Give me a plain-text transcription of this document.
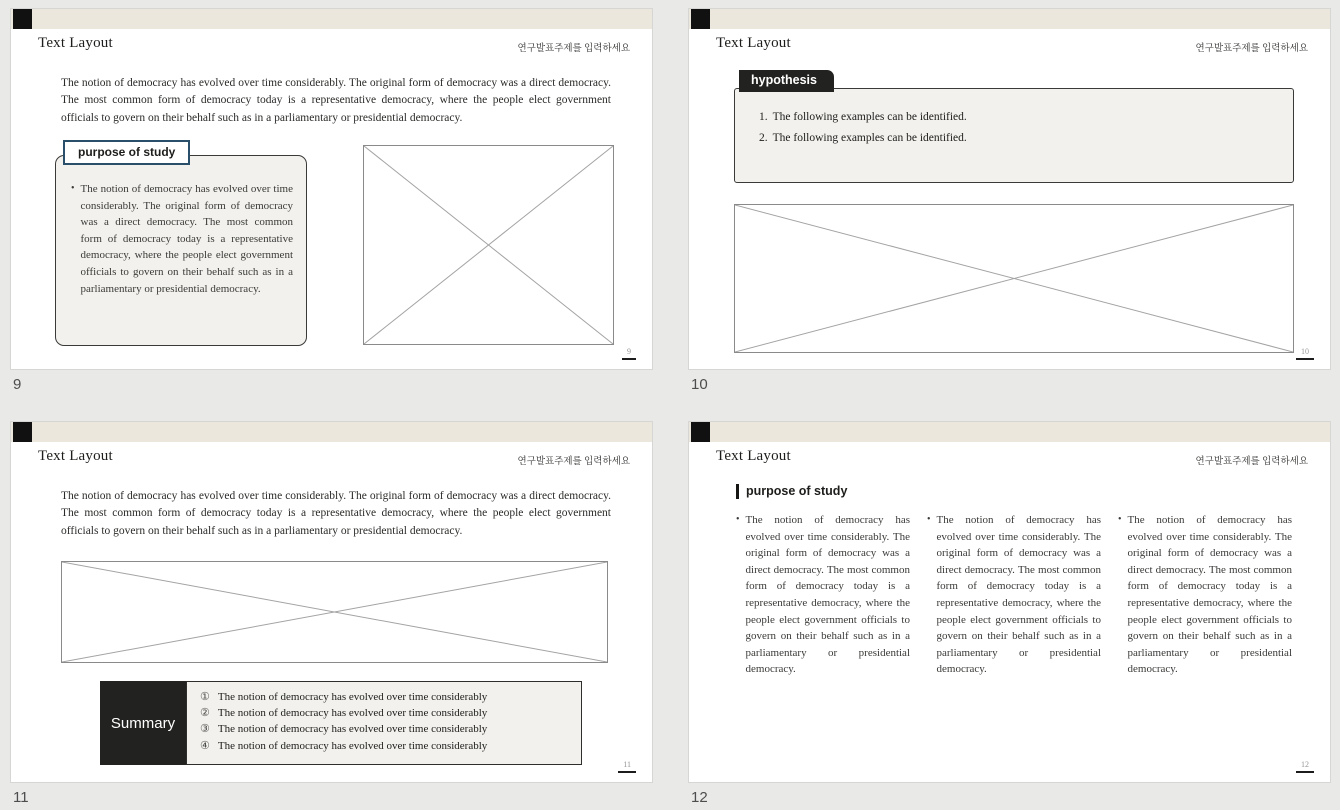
Text Layout	연구발표주제를 입력하세요
The notion of democracy has evolved over time considerably. The original form of democracy was a direct democracy. The most common form of democracy today is a representative democracy, where the people elect government officials to govern on their behalf such as in a parliamentary or presidential democracy.
purpose of study
• The notion of democracy has evolved over time considerably. The original form of democracy was a direct democracy. The most common form of democracy today is a representative democracy, where the people elect government officials to govern on their behalf such as in a parliamentary or presidential democracy.
9
9
Text Layout	연구발표주제를 입력하세요
hypothesis
1. The following examples can be identified.
2. The following examples can be identified.
10
10
Text Layout	연구발표주제를 입력하세요
The notion of democracy has evolved over time considerably. The original form of democracy was a direct democracy. The most common form of democracy today is a representative democracy, where the people elect government officials to govern on their behalf such as in a parliamentary or presidential democracy.
Summary
① The notion of democracy has evolved over time considerably
② The notion of democracy has evolved over time considerably
③ The notion of democracy has evolved over time considerably
④ The notion of democracy has evolved over time considerably
11
11
Text Layout	연구발표주제를 입력하세요
purpose of study
• The notion of democracy has evolved over time considerably. The original form of democracy was a direct democracy. The most common form of democracy today is a representative democracy, where the people elect government officials to govern on their behalf such as in a parliamentary or presidential democracy.
• The notion of democracy has evolved over time considerably. The original form of democracy was a direct democracy. The most common form of democracy today is a representative democracy, where the people elect government officials to govern on their behalf such as in a parliamentary or presidential democracy.
• The notion of democracy has evolved over time considerably. The original form of democracy was a direct democracy. The most common form of democracy today is a representative democracy, where the people elect government officials to govern on their behalf such as in a parliamentary or presidential democracy.
12
12
